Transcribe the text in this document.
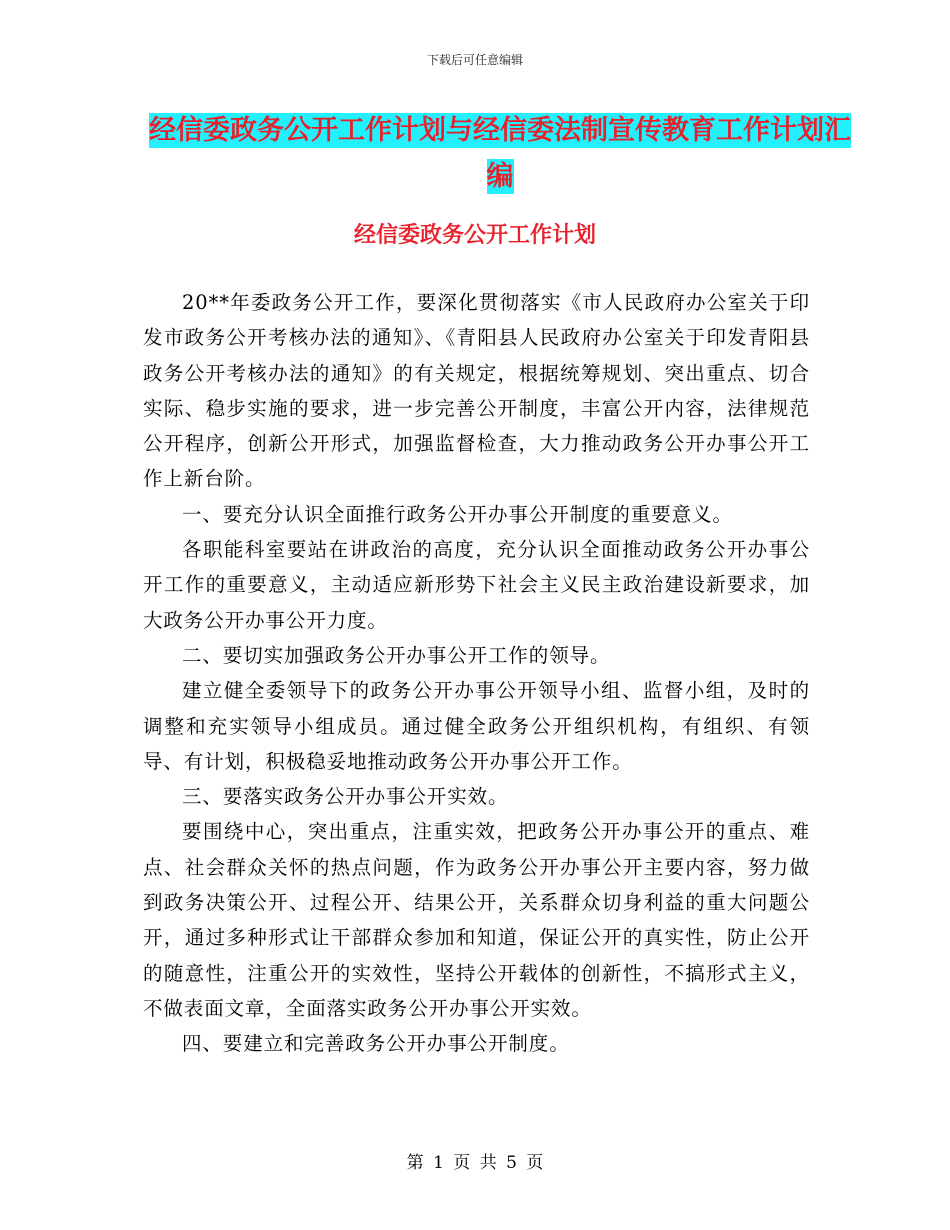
下载后可任意编辑
经信委政务公开工作计划与经信委法制宣传教育工作计划汇编
经信委政务公开工作计划

20**年委政务公开工作，要深化贯彻落实《市人民政府办公室关于印发市政务公开考核办法的通知》、《青阳县人民政府办公室关于印发青阳县政务公开考核办法的通知》的有关规定，根据统筹规划、突出重点、切合实际、稳步实施的要求，进一步完善公开制度，丰富公开内容，法律规范公开程序，创新公开形式，加强监督检查，大力推动政务公开办事公开工作上新台阶。

一、要充分认识全面推行政务公开办事公开制度的重要意义。

各职能科室要站在讲政治的高度，充分认识全面推动政务公开办事公开工作的重要意义，主动适应新形势下社会主义民主政治建设新要求，加大政务公开办事公开力度。

二、要切实加强政务公开办事公开工作的领导。

建立健全委领导下的政务公开办事公开领导小组、监督小组，及时的调整和充实领导小组成员。通过健全政务公开组织机构，有组织、有领导、有计划，积极稳妥地推动政务公开办事公开工作。

三、要落实政务公开办事公开实效。

要围绕中心，突出重点，注重实效，把政务公开办事公开的重点、难点、社会群众关怀的热点问题，作为政务公开办事公开主要内容，努力做到政务决策公开、过程公开、结果公开，关系群众切身利益的重大问题公开，通过多种形式让干部群众参加和知道，保证公开的真实性，防止公开的随意性，注重公开的实效性，坚持公开载体的创新性，不搞形式主义，不做表面文章，全面落实政务公开办事公开实效。

四、要建立和完善政务公开办事公开制度。

第 1 页 共 5 页
